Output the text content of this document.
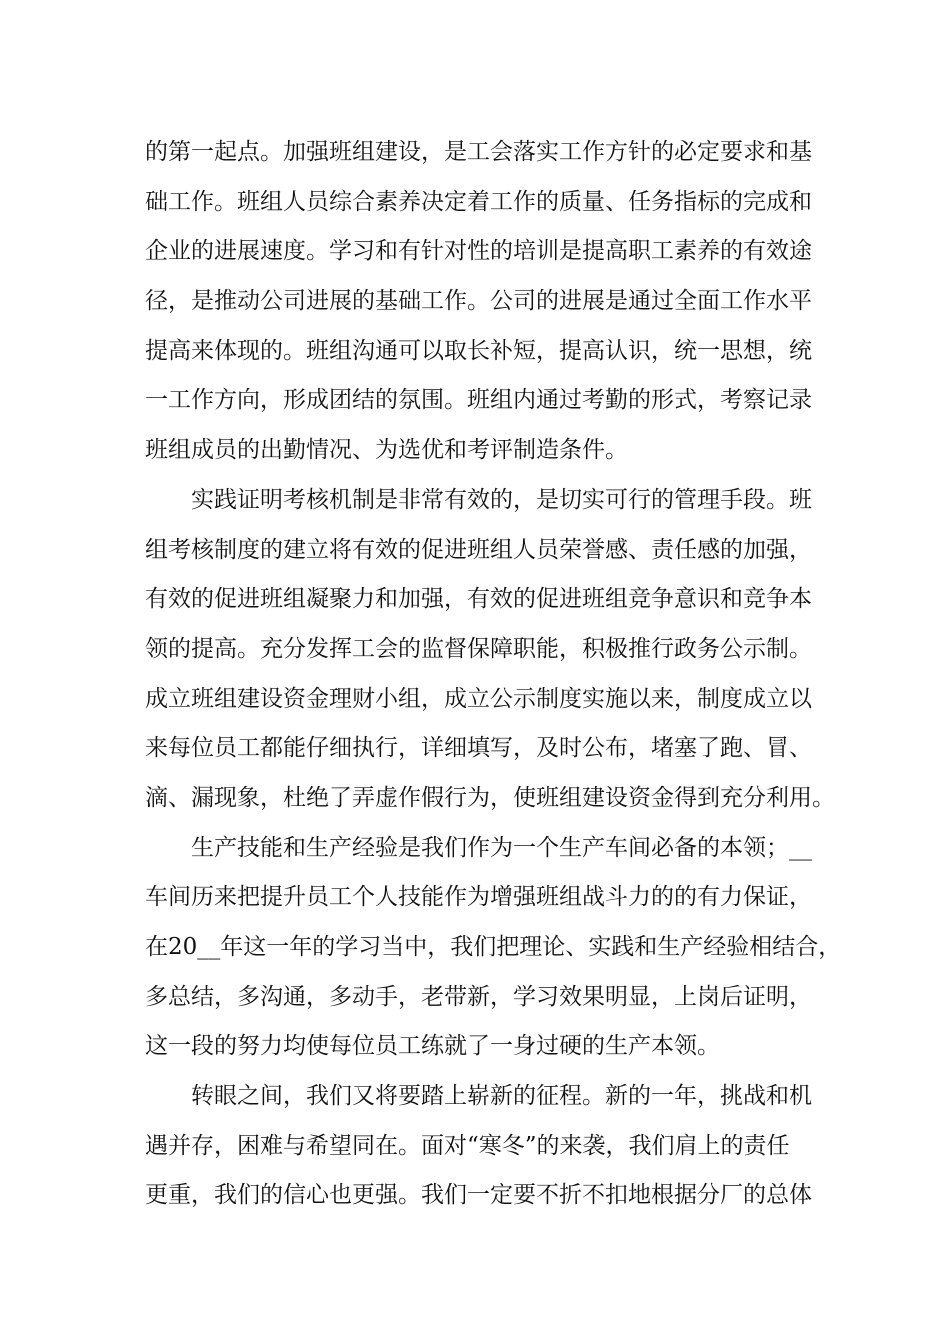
的第一起点。加强班组建设，是工会落实工作方针的必定要求和基
础工作。班组人员综合素养决定着工作的质量、任务指标的完成和
企业的进展速度。学习和有针对性的培训是提高职工素养的有效途
径，是推动公司进展的基础工作。公司的进展是通过全面工作水平
提高来体现的。班组沟通可以取长补短，提高认识，统一思想，统
一工作方向，形成团结的氛围。班组内通过考勤的形式，考察记录
班组成员的出勤情况、为选优和考评制造条件。
实践证明考核机制是非常有效的，是切实可行的管理手段。班
组考核制度的建立将有效的促进班组人员荣誉感、责任感的加强，
有效的促进班组凝聚力和加强，有效的促进班组竞争意识和竞争本
领的提高。充分发挥工会的监督保障职能，积极推行政务公示制。
成立班组建设资金理财小组，成立公示制度实施以来，制度成立以
来每位员工都能仔细执行，详细填写，及时公布，堵塞了跑、冒、
滴、漏现象，杜绝了弄虚作假行为，使班组建设资金得到充分利用。
生产技能和生产经验是我们作为一个生产车间必备的本领；__
车间历来把提升员工个人技能作为增强班组战斗力的的有力保证，
在20__年这一年的学习当中，我们把理论、实践和生产经验相结合，
多总结，多沟通，多动手，老带新，学习效果明显，上岗后证明，
这一段的努力均使每位员工练就了一身过硬的生产本领。
转眼之间，我们又将要踏上崭新的征程。新的一年，挑战和机
遇并存，困难与希望同在。面对“寒冬”的来袭，我们肩上的责任
更重，我们的信心也更强。我们一定要不折不扣地根据分厂的总体
